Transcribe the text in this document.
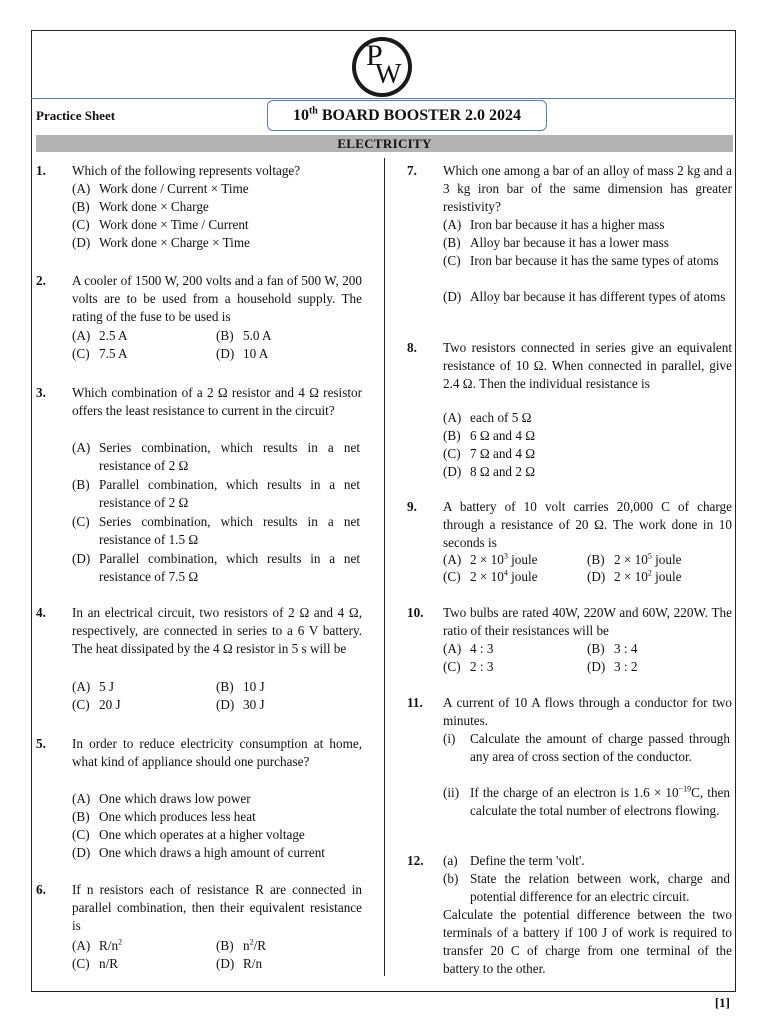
P
W
Practice Sheet	10th BOARD BOOSTER 2.0 2024
ELECTRICITY
1. Which of the following represents voltage?
(A) Work done / Current × Time
(B) Work done × Charge
(C) Work done × Time / Current
(D) Work done × Charge × Time
2. A cooler of 1500 W, 200 volts and a fan of 500 W, 200 volts are to be used from a household supply. The rating of the fuse to be used is
(A) 2.5 A	(B) 5.0 A
(C) 7.5 A	(D) 10 A
3. Which combination of a 2 Ω resistor and 4 Ω resistor offers the least resistance to current in the circuit?
(A) Series combination, which results in a net resistance of 2 Ω
(B) Parallel combination, which results in a net resistance of 2 Ω
(C) Series combination, which results in a net resistance of 1.5 Ω
(D) Parallel combination, which results in a net resistance of 7.5 Ω
4. In an electrical circuit, two resistors of 2 Ω and 4 Ω, respectively, are connected in series to a 6 V battery. The heat dissipated by the 4 Ω resistor in 5 s will be
(A) 5 J	(B) 10 J
(C) 20 J	(D) 30 J
5. In order to reduce electricity consumption at home, what kind of appliance should one purchase?
(A) One which draws low power
(B) One which produces less heat
(C) One which operates at a higher voltage
(D) One which draws a high amount of current
6. If n resistors each of resistance R are connected in parallel combination, then their equivalent resistance is
(A) $R/n^2$	(B) $n^2/R$
(C) n/R	(D) R/n
7. Which one among a bar of an alloy of mass 2 kg and a 3 kg iron bar of the same dimension has greater resistivity?
(A) Iron bar because it has a higher mass
(B) Alloy bar because it has a lower mass
(C) Iron bar because it has the same types of atoms
(D) Alloy bar because it has different types of atoms
8. Two resistors connected in series give an equivalent resistance of 10 Ω. When connected in parallel, give 2.4 Ω. Then the individual resistance is
(A) each of 5 Ω
(B) 6 Ω and 4 Ω
(C) 7 Ω and 4 Ω
(D) 8 Ω and 2 Ω
9. A battery of 10 volt carries 20,000 C of charge through a resistance of 20 Ω. The work done in 10 seconds is
(A) $2 \times 10^3$ joule	(B) $2 \times 10^5$ joule
(C) $2 \times 10^4$ joule	(D) $2 \times 10^2$ joule
10. Two bulbs are rated 40W, 220W and 60W, 220W. The ratio of their resistances will be
(A) 4 : 3	(B) 3 : 4
(C) 2 : 3	(D) 3 : 2
11. A current of 10 A flows through a conductor for two minutes.
(i) Calculate the amount of charge passed through any area of cross section of the conductor.
(ii) If the charge of an electron is $1.6 \times 10^{-19}C$, then calculate the total number of electrons flowing.
12. (a) Define the term 'volt'.
(b) State the relation between work, charge and potential difference for an electric circuit.
Calculate the potential difference between the two terminals of a battery if 100 J of work is required to transfer 20 C of charge from one terminal of the battery to the other.
[1]
